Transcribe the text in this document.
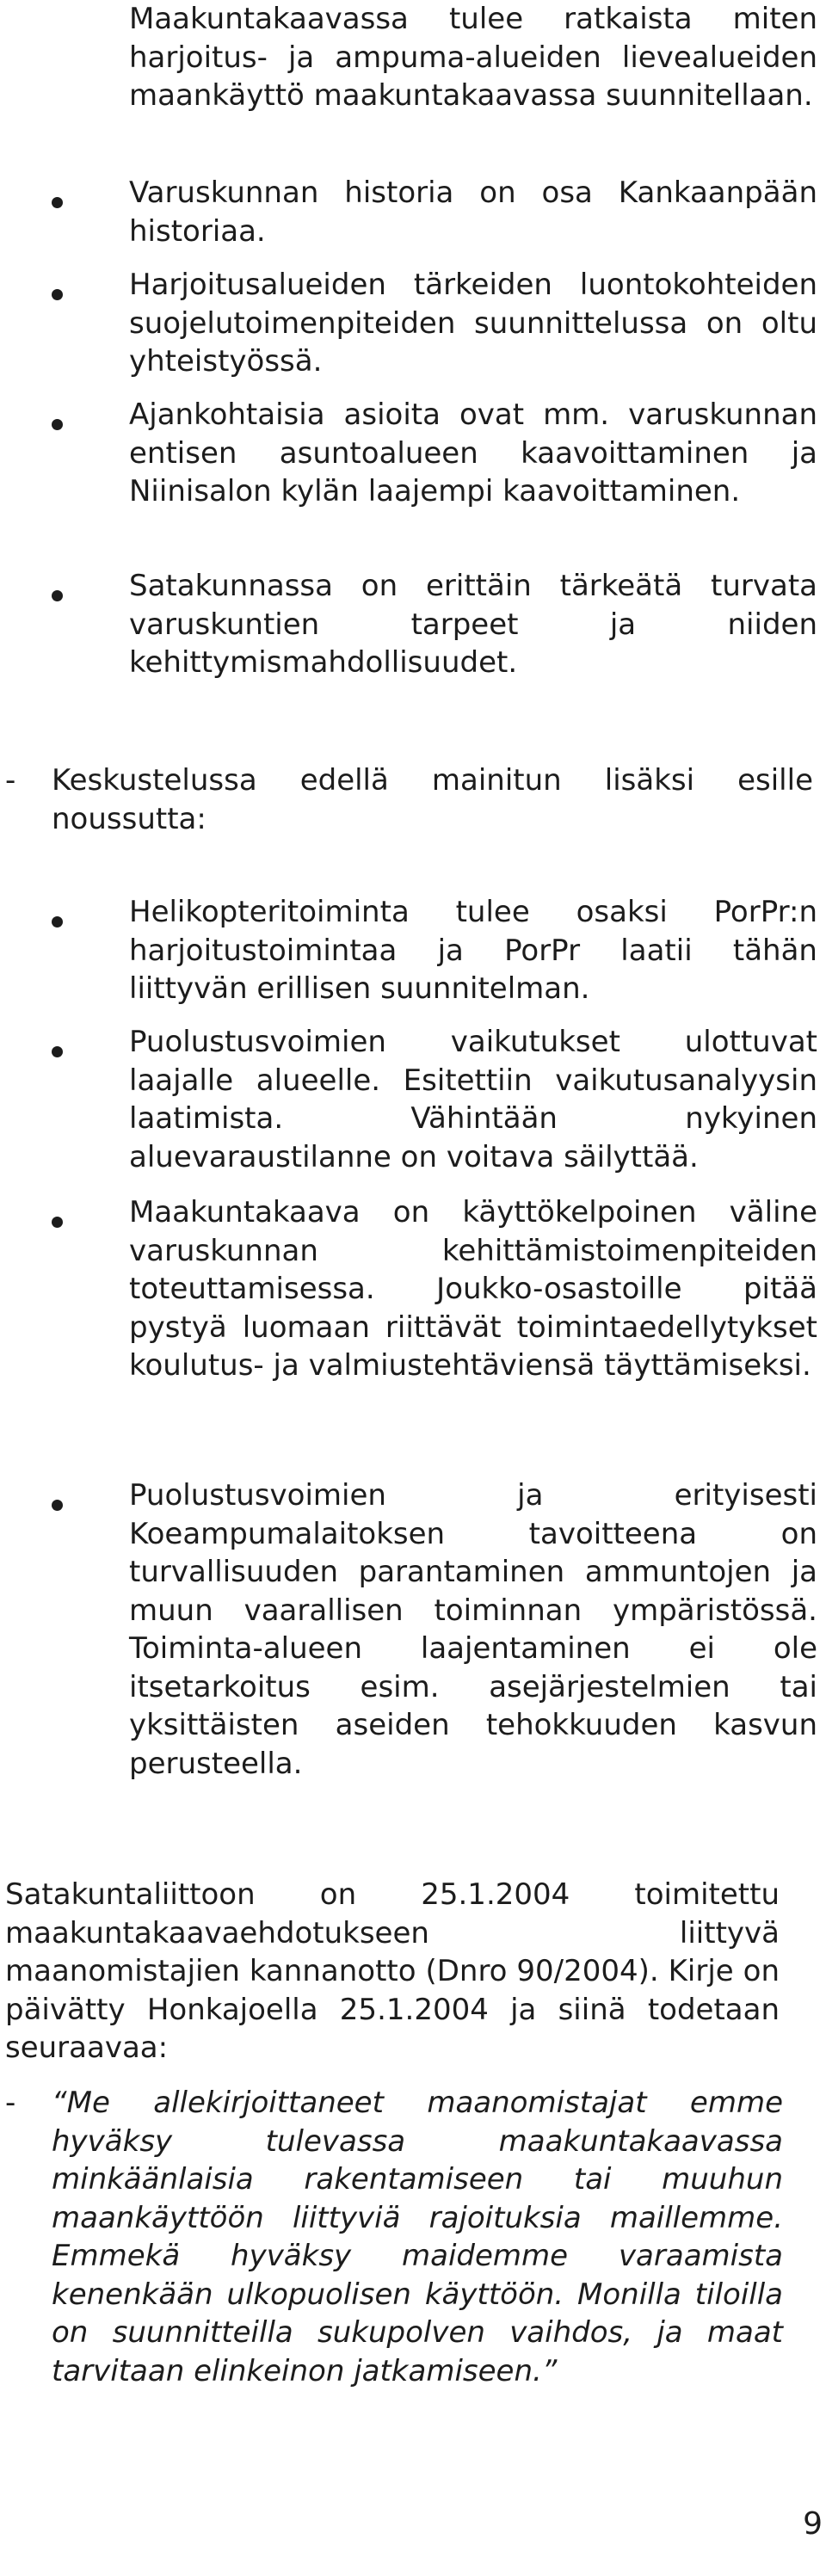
Maakuntakaavassa tulee ratkaista miten harjoitus- ja ampuma-alueiden lievealueiden maankäyttö maakuntakaavassa suunnitellaan.

Varuskunnan historia on osa Kankaanpään historiaa.

Harjoitusalueiden tärkeiden luontokohteiden suojelutoimenpiteiden suunnittelussa on oltu yhteistyössä.

Ajankohtaisia asioita ovat mm. varuskunnan entisen asuntoalueen kaavoittaminen ja Niinisalon kylän laajempi kaavoittaminen.

Satakunnassa on erittäin tärkeätä turvata varuskuntien tarpeet ja niiden kehittymismahdollisuudet.

- Keskustelussa edellä mainitun lisäksi esille noussutta:

Helikopteritoiminta tulee osaksi PorPr:n harjoitustoimintaa ja PorPr laatii tähän liittyvän erillisen suunnitelman.

Puolustusvoimien vaikutukset ulottuvat laajalle alueelle. Esitettiin vaikutusanalyysin laatimista. Vähintään nykyinen aluevaraustilanne on voitava säilyttää.

Maakuntakaava on käyttökelpoinen väline varuskunnan kehittämistoimenpiteiden toteuttamisessa. Joukko-osastoille pitää pystyä luomaan riittävät toimintaedellytykset koulutus- ja valmiustehtäviensä täyttämiseksi.

Puolustusvoimien ja erityisesti Koeampumalaitoksen tavoitteena on turvallisuuden parantaminen ammuntojen ja muun vaarallisen toiminnan ympäristössä. Toiminta-alueen laajentaminen ei ole itsetarkoitus esim. asejärjestelmien tai yksittäisten aseiden tehokkuuden kasvun perusteella.

Satakuntaliittoon on 25.1.2004 toimitettu maakuntakaavaehdotukseen liittyvä maanomistajien kannanotto (Dnro 90/2004). Kirje on päivätty Honkajoella 25.1.2004 ja siinä todetaan seuraavaa:

- “Me allekirjoittaneet maanomistajat emme hyväksy tulevassa maakuntakaavassa minkäänlaisia rakentamiseen tai muuhun maankäyttöön liittyviä rajoituksia maillemme. Emmekä hyväksy maidemme varaamista kenenkään ulkopuolisen käyttöön. Monilla tiloilla on suunnitteilla sukupolven vaihdos, ja maat tarvitaan elinkeinon jatkamiseen.”

9
